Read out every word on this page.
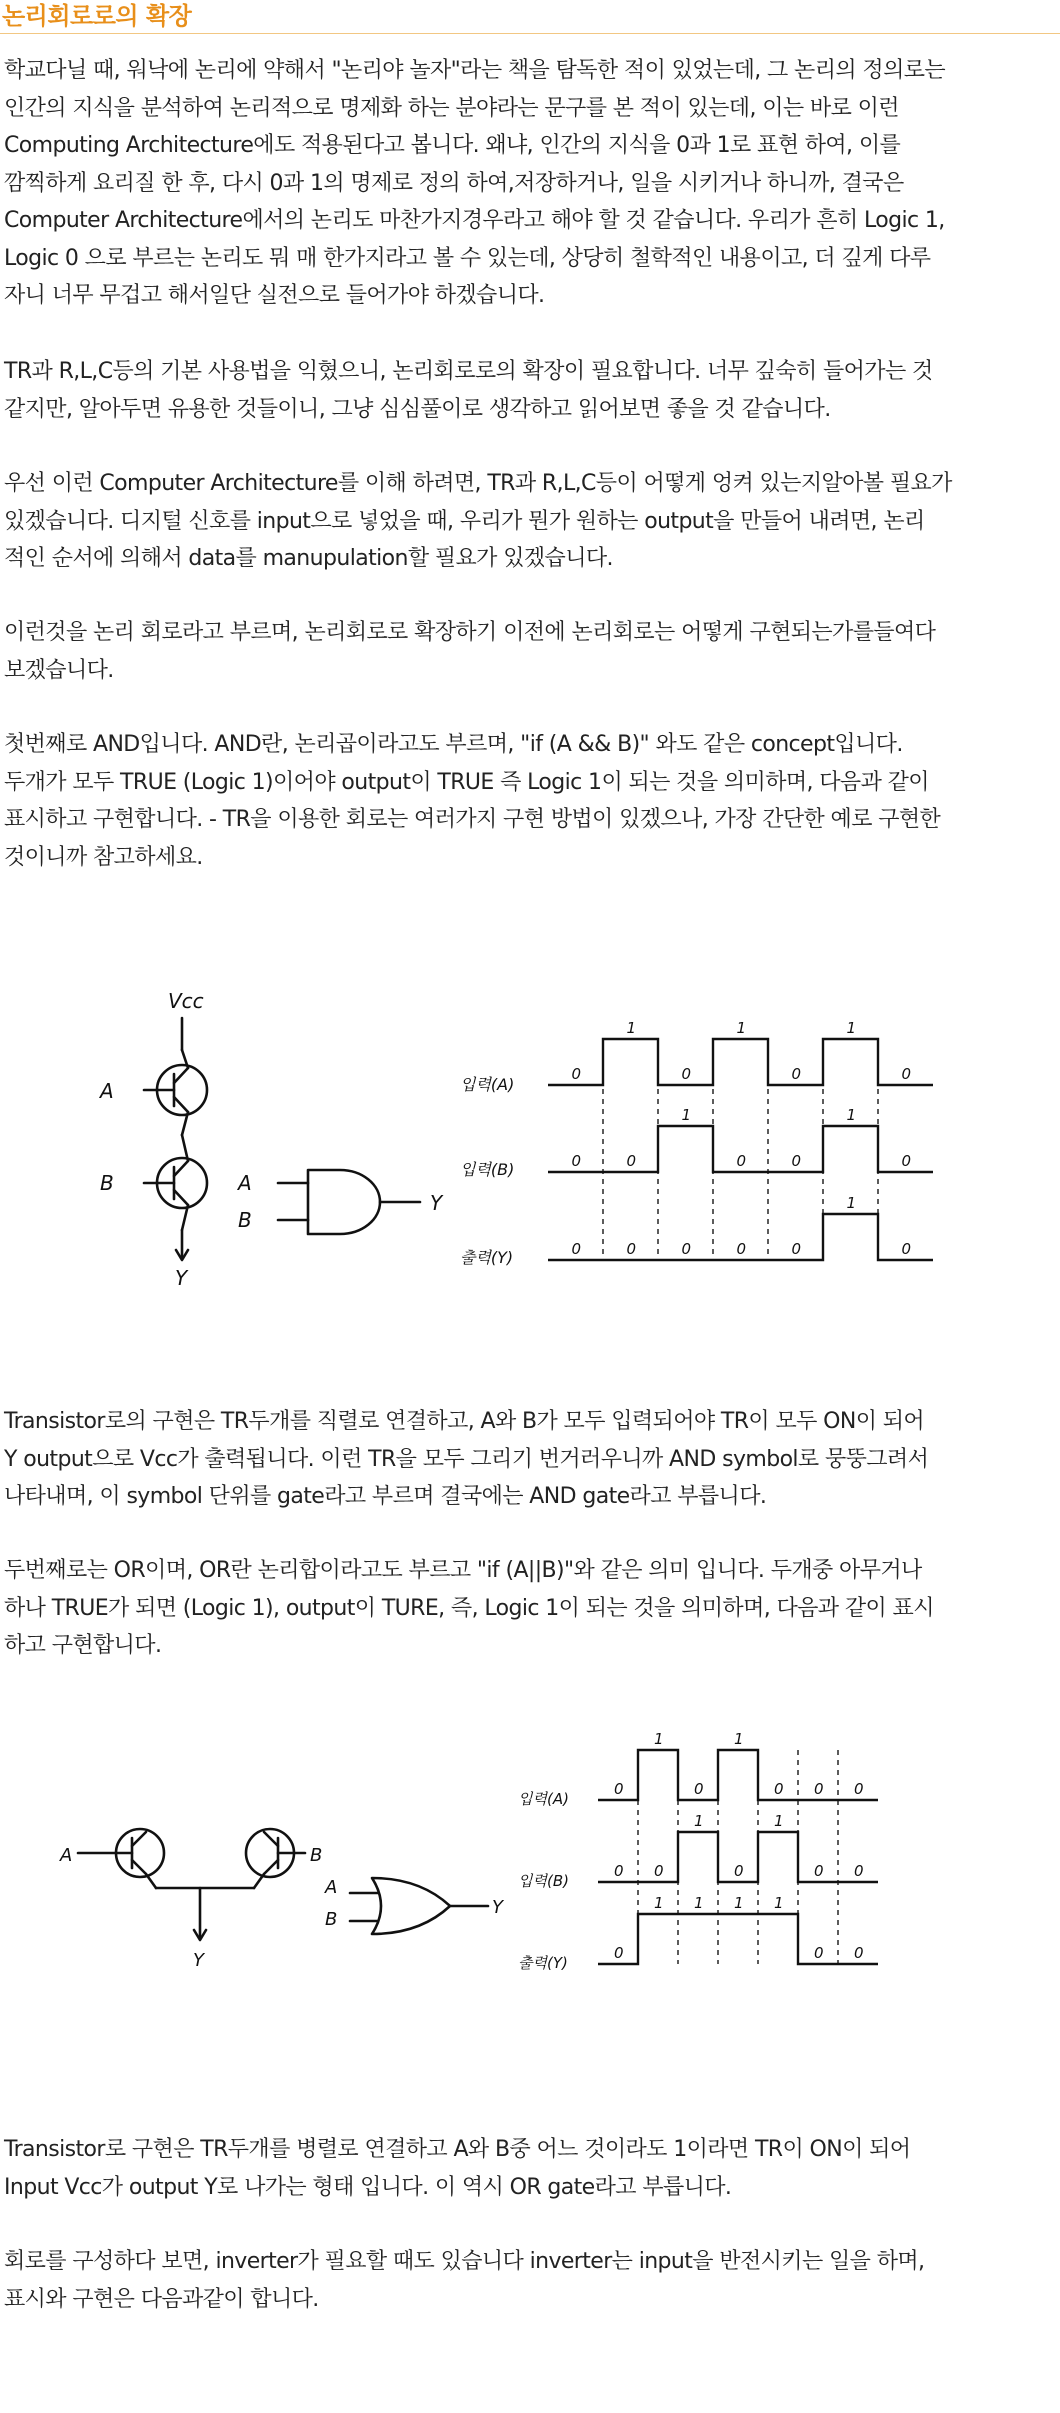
논리회로로의 확장
학교다닐 때, 워낙에 논리에 약해서 "논리야 놀자"라는 책을 탐독한 적이 있었는데, 그 논리의 정의로는
인간의 지식을 분석하여 논리적으로 명제화 하는 분야라는 문구를 본 적이 있는데, 이는 바로 이런
Computing Architecture에도 적용된다고 봅니다. 왜냐, 인간의 지식을 0과 1로 표현 하여, 이를
깜찍하게 요리질 한 후, 다시 0과 1의 명제로 정의 하여,저장하거나, 일을 시키거나 하니까, 결국은
Computer Architecture에서의 논리도 마찬가지경우라고 해야 할 것 같습니다. 우리가 흔히 Logic 1,
Logic 0 으로 부르는 논리도 뭐 매 한가지라고 볼 수 있는데, 상당히 철학적인 내용이고, 더 깊게 다루
자니 너무 무겁고 해서일단 실전으로 들어가야 하겠습니다.
TR과 R,L,C등의 기본 사용법을 익혔으니, 논리회로로의 확장이 필요합니다. 너무 깊숙히 들어가는 것
같지만, 알아두면 유용한 것들이니, 그냥 심심풀이로 생각하고 읽어보면 좋을 것 같습니다.
우선 이런 Computer Architecture를 이해 하려면, TR과 R,L,C등이 어떻게 엉켜 있는지알아볼 필요가
있겠습니다. 디지털 신호를 input으로 넣었을 때, 우리가 뭔가 원하는 output을 만들어 내려면, 논리
적인 순서에 의해서 data를 manupulation할 필요가 있겠습니다.
이런것을 논리 회로라고 부르며, 논리회로로 확장하기 이전에 논리회로는 어떻게 구현되는가를들여다
보겠습니다.
첫번째로 AND입니다. AND란, 논리곱이라고도 부르며, "if (A && B)" 와도 같은 concept입니다.
두개가 모두 TRUE (Logic 1)이어야 output이 TRUE 즉 Logic 1이 되는 것을 의미하며, 다음과 같이
표시하고 구현합니다. - TR을 이용한 회로는 여러가지 구현 방법이 있겠으나, 가장 간단한 예로 구현한
것이니까 참고하세요.
Vcc
A
B
Y
A
B
Y
입력(A)
입력(B)
출력(Y)
0
1
0
1
0
1
0
0	0
1
0	0
1
0
0	0	0	0	0
1
0
Transistor로의 구현은 TR두개를 직렬로 연결하고, A와 B가 모두 입력되어야 TR이 모두 ON이 되어
Y output으로 Vcc가 출력됩니다. 이런 TR을 모두 그리기 번거러우니까 AND symbol로 뭉뚱그려서
나타내며, 이 symbol 단위를 gate라고 부르며 결국에는 AND gate라고 부릅니다.
두번째로는 OR이며, OR란 논리합이라고도 부르고 "if (A||B)"와 같은 의미 입니다. 두개중 아무거나
하나 TRUE가 되면 (Logic 1), output이 TURE, 즉, Logic 1이 되는 것을 의미하며, 다음과 같이 표시
하고 구현합니다.
A	B
Y
A
B
Y
입력(A)
입력(B)
출력(Y)
0
1
0
1
0 0 0
0 0
1
0
1
0 0
0
1 1 1 1
0 0
Transistor로 구현은 TR두개를 병렬로 연결하고 A와 B중 어느 것이라도 1이라면 TR이 ON이 되어
Input Vcc가 output Y로 나가는 형태 입니다. 이 역시 OR gate라고 부릅니다.
회로를 구성하다 보면, inverter가 필요할 때도 있습니다 inverter는 input을 반전시키는 일을 하며,
표시와 구현은 다음과같이 합니다.
